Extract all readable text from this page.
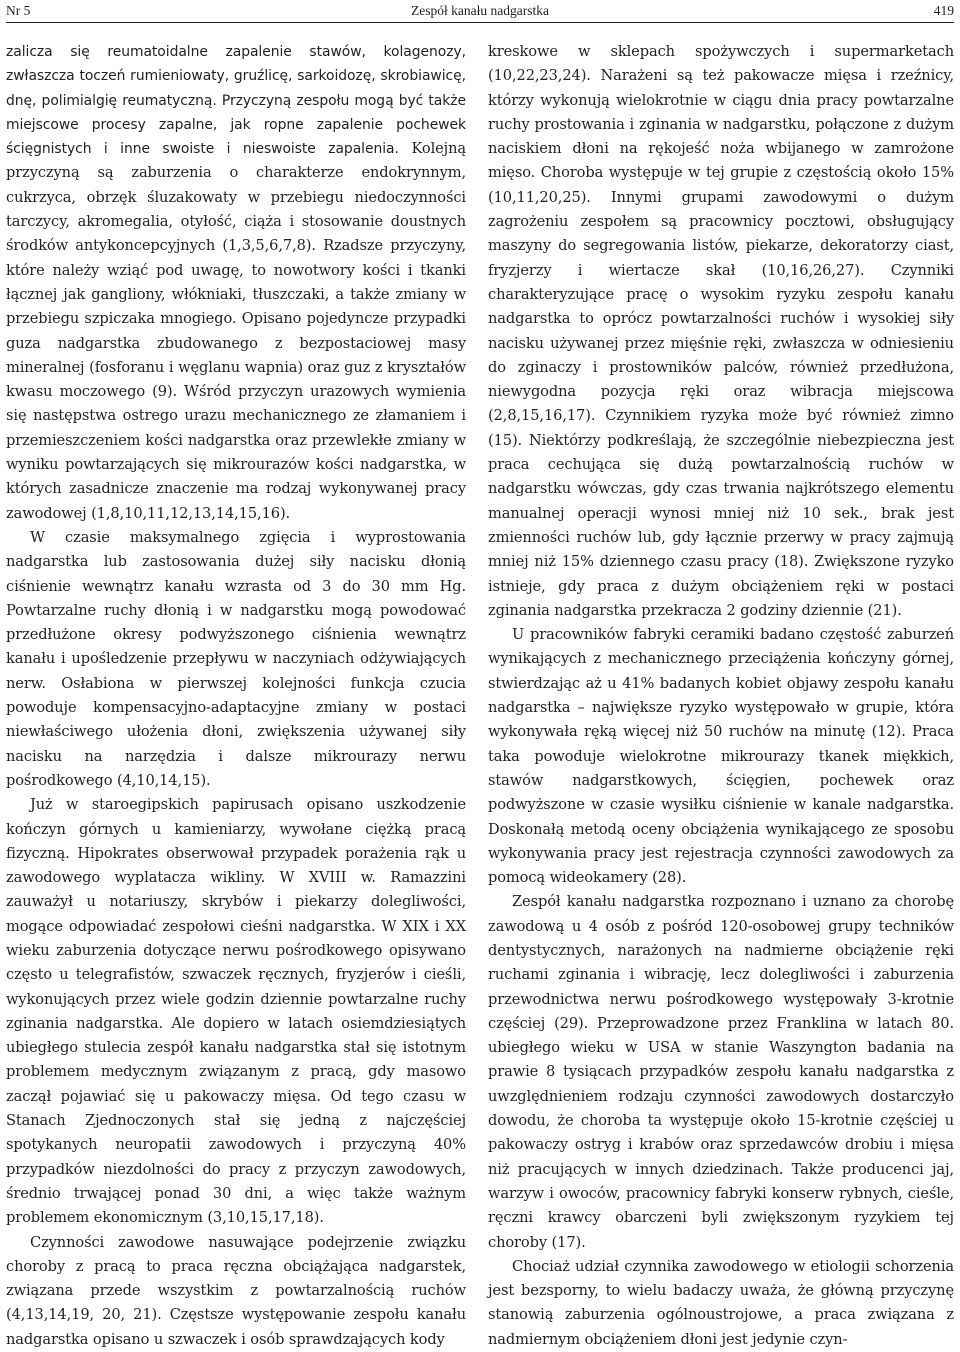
Nr 5	Zespół kanału nadgarstka	419

zalicza się reumatoidalne zapalenie stawów, kolagenozy, zwłaszcza toczeń rumieniowaty, gruźlicę, sarkoidozę, skrobiawicę, dnę, polimialgię reumatyczną. Przyczyną zespołu mogą być także miejscowe procesy zapalne, jak ropne zapalenie pochewek ścięgnistych i inne swoiste i nieswoiste zapalenia. Kolejną przyczyną są zaburzenia o charakterze endokrynnym, cukrzyca, obrzęk śluzakowaty w przebiegu niedoczynności tarczycy, akromegalia, otyłość, ciąża i stosowanie doustnych środków antykoncepcyjnych (1,3,5,6,7,8). Rzadsze przyczyny, które należy wziąć pod uwagę, to nowotwory kości i tkanki łącznej jak gangliony, włókniaki, tłuszczaki, a także zmiany w przebiegu szpiczaka mnogiego. Opisano pojedyncze przypadki guza nadgarstka zbudowanego z bezpostaciowej masy mineralnej (fosforanu i węglanu wapnia) oraz guz z kryształów kwasu moczowego (9). Wśród przyczyn urazowych wymienia się następstwa ostrego urazu mechanicznego ze złamaniem i przemieszczeniem kości nadgarstka oraz przewlekłe zmiany w wyniku powtarzających się mikrourazów kości nadgarstka, w których zasadnicze znaczenie ma rodzaj wykonywanej pracy zawodowej (1,8,10,11,12,13,14,15,16).

W czasie maksymalnego zgięcia i wyprostowania nadgarstka lub zastosowania dużej siły nacisku dłonią ciśnienie wewnątrz kanału wzrasta od 3 do 30 mm Hg. Powtarzalne ruchy dłonią i w nadgarstku mogą powodować przedłużone okresy podwyższonego ciśnienia wewnątrz kanału i upośledzenie przepływu w naczyniach odżywiających nerw. Osłabiona w pierwszej kolejności funkcja czucia powoduje kompensacyjno-adaptacyjne zmiany w postaci niewłaściwego ułożenia dłoni, zwiększenia używanej siły nacisku na narzędzia i dalsze mikrourazy nerwu pośrodkowego (4,10,14,15).

Już w staroegipskich papirusach opisano uszkodzenie kończyn górnych u kamieniarzy, wywołane ciężką pracą fizyczną. Hipokrates obserwował przypadek porażenia rąk u zawodowego wyplatacza wikliny. W XVIII w. Ramazzini zauważył u notariuszy, skrybów i piekarzy dolegliwości, mogące odpowiadać zespołowi cieśni nadgarstka. W XIX i XX wieku zaburzenia dotyczące nerwu pośrodkowego opisywano często u telegrafistów, szwaczek ręcznych, fryzjerów i cieśli, wykonujących przez wiele godzin dziennie powtarzalne ruchy zginania nadgarstka. Ale dopiero w latach osiemdziesiątych ubiegłego stulecia zespół kanału nadgarstka stał się istotnym problemem medycznym związanym z pracą, gdy masowo zaczął pojawiać się u pakowaczy mięsa. Od tego czasu w Stanach Zjednoczonych stał się jedną z najczęściej spotykanych neuropatii zawodowych i przyczyną 40% przypadków niezdolności do pracy z przyczyn zawodowych, średnio trwającej ponad 30 dni, a więc także ważnym problemem ekonomicznym (3,10,15,17,18).

Czynności zawodowe nasuwające podejrzenie związku choroby z pracą to praca ręczna obciążająca nadgarstek, związana przede wszystkim z powtarzalnością ruchów (4,13,14,19, 20, 21). Częstsze występowanie zespołu kanału nadgarstka opisano u szwaczek i osób sprawdzających kody

kreskowe w sklepach spożywczych i supermarketach (10,22,23,24). Narażeni są też pakowacze mięsa i rzeźnicy, którzy wykonują wielokrotnie w ciągu dnia pracy powtarzalne ruchy prostowania i zginania w nadgarstku, połączone z dużym naciskiem dłoni na rękojeść noża wbijanego w zamrożone mięso. Choroba występuje w tej grupie z częstością około 15% (10,11,20,25). Innymi grupami zawodowymi o dużym zagrożeniu zespołem są pracownicy pocztowi, obsługujący maszyny do segregowania listów, piekarze, dekoratorzy ciast, fryzjerzy i wiertacze skał (10,16,26,27). Czynniki charakteryzujące pracę o wysokim ryzyku zespołu kanału nadgarstka to oprócz powtarzalności ruchów i wysokiej siły nacisku używanej przez mięśnie ręki, zwłaszcza w odniesieniu do zginaczy i prostowników palców, również przedłużona, niewygodna pozycja ręki oraz wibracja miejscowa (2,8,15,16,17). Czynnikiem ryzyka może być również zimno (15). Niektórzy podkreślają, że szczególnie niebezpieczna jest praca cechująca się dużą powtarzalnością ruchów w nadgarstku wówczas, gdy czas trwania najkrótszego elementu manualnej operacji wynosi mniej niż 10 sek., brak jest zmienności ruchów lub, gdy łącznie przerwy w pracy zajmują mniej niż 15% dziennego czasu pracy (18). Zwiększone ryzyko istnieje, gdy praca z dużym obciążeniem ręki w postaci zginania nadgarstka przekracza 2 godziny dziennie (21).

U pracowników fabryki ceramiki badano częstość zaburzeń wynikających z mechanicznego przeciążenia kończyny górnej, stwierdzając aż u 41% badanych kobiet objawy zespołu kanału nadgarstka – największe ryzyko występowało w grupie, która wykonywała ręką więcej niż 50 ruchów na minutę (12). Praca taka powoduje wielokrotne mikrourazy tkanek miękkich, stawów nadgarstkowych, ścięgien, pochewek oraz podwyższone w czasie wysiłku ciśnienie w kanale nadgarstka. Doskonałą metodą oceny obciążenia wynikającego ze sposobu wykonywania pracy jest rejestracja czynności zawodowych za pomocą wideokamery (28).

Zespół kanału nadgarstka rozpoznano i uznano za chorobę zawodową u 4 osób z pośród 120-osobowej grupy techników dentystycznych, narażonych na nadmierne obciążenie ręki ruchami zginania i wibrację, lecz dolegliwości i zaburzenia przewodnictwa nerwu pośrodkowego występowały 3-krotnie częściej (29). Przeprowadzone przez Franklina w latach 80. ubiegłego wieku w USA w stanie Waszyngton badania na prawie 8 tysiącach przypadków zespołu kanału nadgarstka z uwzględnieniem rodzaju czynności zawodowych dostarczyło dowodu, że choroba ta występuje około 15-krotnie częściej u pakowaczy ostryg i krabów oraz sprzedawców drobiu i mięsa niż pracujących w innych dziedzinach. Także producenci jaj, warzyw i owoców, pracownicy fabryki konserw rybnych, cieśle, ręczni krawcy obarczeni byli zwiększonym ryzykiem tej choroby (17).

Chociaż udział czynnika zawodowego w etiologii schorzenia jest bezsporny, to wielu badaczy uważa, że główną przyczynę stanowią zaburzenia ogólnoustrojowe, a praca związana z nadmiernym obciążeniem dłoni jest jedynie czyn-
